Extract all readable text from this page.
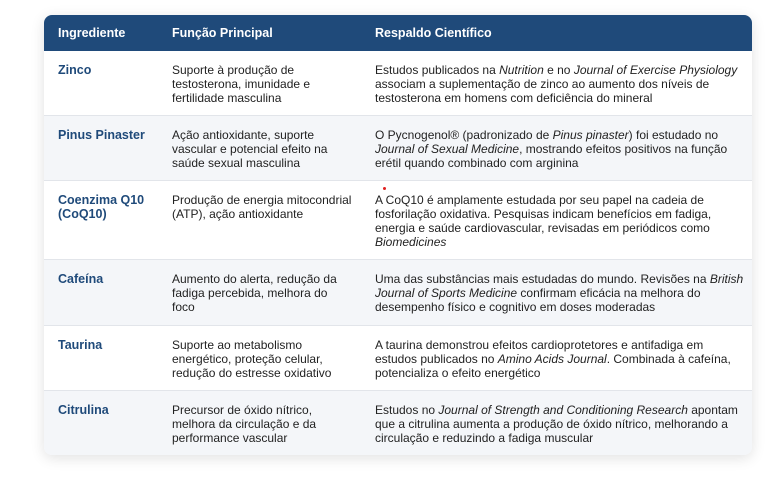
Ingrediente	Função Principal	Respaldo Científico
Zinco	Suporte à produção de testosterona, imunidade e fertilidade masculina	Estudos publicados na Nutrition e no Journal of Exercise Physiology associam a suplementação de zinco ao aumento dos níveis de testosterona em homens com deficiência do mineral
Pinus Pinaster	Ação antioxidante, suporte vascular e potencial efeito na saúde sexual masculina	O Pycnogenol® (padronizado de Pinus pinaster) foi estudado no Journal of Sexual Medicine, mostrando efeitos positivos na função erétil quando combinado com arginina
Coenzima Q10 (CoQ10)	Produção de energia mitocondrial (ATP), ação antioxidante	A CoQ10 é amplamente estudada por seu papel na cadeia de fosforilação oxidativa. Pesquisas indicam benefícios em fadiga, energia e saúde cardiovascular, revisadas em periódicos como Biomedicines
Cafeína	Aumento do alerta, redução da fadiga percebida, melhora do foco	Uma das substâncias mais estudadas do mundo. Revisões na British Journal of Sports Medicine confirmam eficácia na melhora do desempenho físico e cognitivo em doses moderadas
Taurina	Suporte ao metabolismo energético, proteção celular, redução do estresse oxidativo	A taurina demonstrou efeitos cardioprotetores e antifadiga em estudos publicados no Amino Acids Journal. Combinada à cafeína, potencializa o efeito energético
Citrulina	Precursor de óxido nítrico, melhora da circulação e da performance vascular	Estudos no Journal of Strength and Conditioning Research apontam que a citrulina aumenta a produção de óxido nítrico, melhorando a circulação e reduzindo a fadiga muscular
